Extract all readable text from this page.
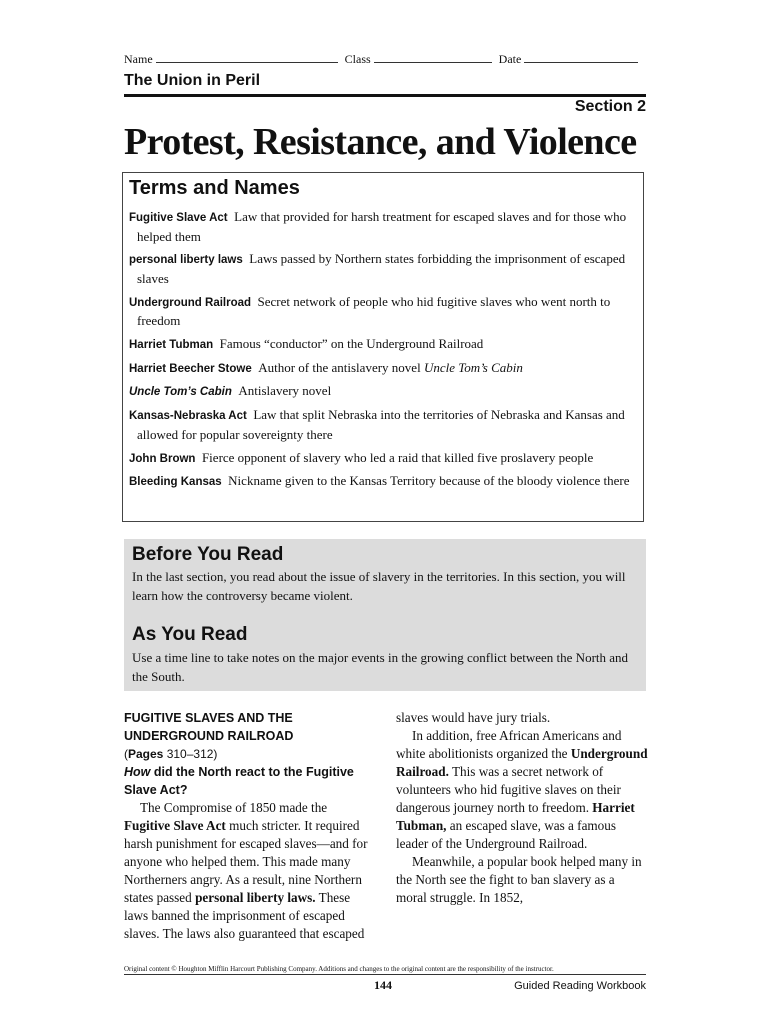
Name	Class	Date
The Union in Peril
Section 2
Protest, Resistance, and Violence
Terms and Names
Fugitive Slave Act Law that provided for harsh treatment for escaped slaves and for those who helped them
personal liberty laws Laws passed by Northern states forbidding the imprisonment of escaped slaves
Underground Railroad Secret network of people who hid fugitive slaves who went north to freedom
Harriet Tubman Famous “conductor” on the Underground Railroad
Harriet Beecher Stowe Author of the antislavery novel Uncle Tom’s Cabin
Uncle Tom’s Cabin Antislavery novel
Kansas-Nebraska Act Law that split Nebraska into the territories of Nebraska and Kansas and allowed for popular sovereignty there
John Brown Fierce opponent of slavery who led a raid that killed five proslavery people
Bleeding Kansas Nickname given to the Kansas Territory because of the bloody violence there
Before You Read
In the last section, you read about the issue of slavery in the territories. In this section, you will learn how the controversy became violent.
As You Read
Use a time line to take notes on the major events in the growing conflict between the North and the South.
FUGITIVE SLAVES AND THE UNDERGROUND RAILROAD
(Pages 310–312)
How did the North react to the Fugitive Slave Act?
The Compromise of 1850 made the Fugitive Slave Act much stricter. It required harsh punishment for escaped slaves—and for anyone who helped them. This made many Northerners angry. As a result, nine Northern states passed personal liberty laws. These laws banned the imprisonment of escaped slaves. The laws also guaranteed that escaped
slaves would have jury trials.
In addition, free African Americans and white abolitionists organized the Underground Railroad. This was a secret network of volunteers who hid fugitive slaves on their dangerous journey north to freedom. Harriet Tubman, an escaped slave, was a famous leader of the Underground Railroad.
Meanwhile, a popular book helped many in the North see the fight to ban slavery as a moral struggle. In 1852,
Original content © Houghton Mifflin Harcourt Publishing Company. Additions and changes to the original content are the responsibility of the instructor.
144	Guided Reading Workbook
